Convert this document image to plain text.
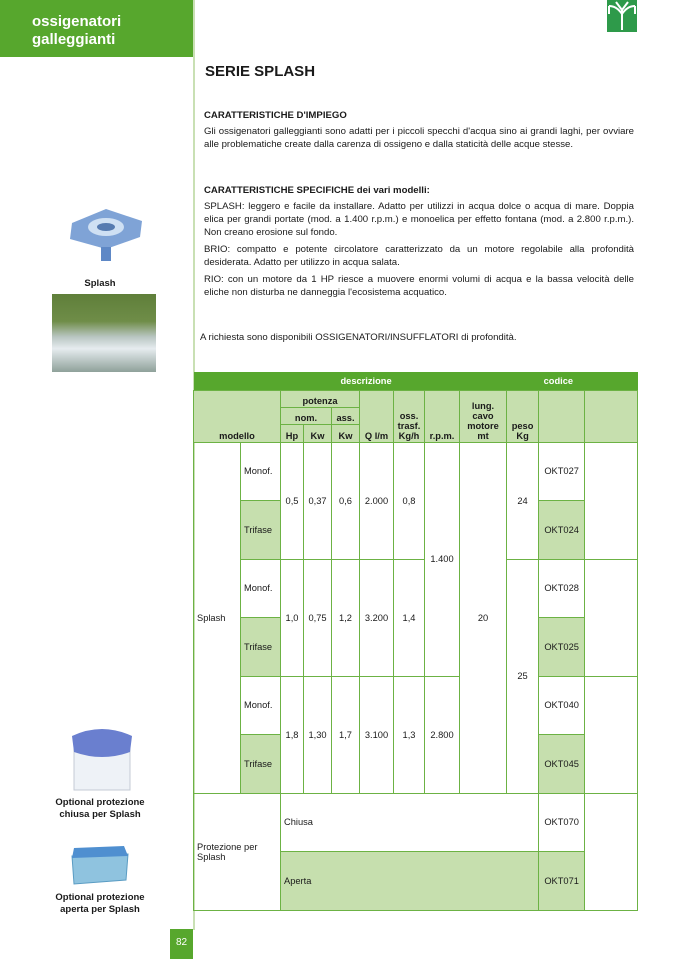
ossigenatori
galleggianti
SERIE SPLASH
CARATTERISTICHE D'IMPIEGO
Gli ossigenatori galleggianti sono adatti per i piccoli specchi d'acqua sino ai grandi laghi, per ovviare alle problematiche create dalla carenza di ossigeno e dalla staticità delle acque stesse.
CARATTERISTICHE SPECIFICHE dei vari modelli:
SPLASH: leggero e facile da installare. Adatto per utilizzi in acqua dolce o acqua di mare. Doppia elica per grandi portate (mod. a 1.400 r.p.m.) e monoelica per effetto fontana (mod. a 2.800 r.p.m.). Non creano erosione sul fondo.
BRIO: compatto e potente circolatore caratterizzato da un motore regolabile alla profondità desiderata. Adatto per utilizzo in acqua salata.
RIO: con un motore da 1 HP riesce a muovere enormi volumi di acqua e la bassa velocità delle eliche non disturba ne danneggia l'ecosistema acquatico.
A richiesta sono disponibili OSSIGENATORI/INSUFFLATORI di profondità.
Splash
Optional protezione chiusa per Splash
Optional protezione aperta per Splash
82
descrizione										codice	
modello		potenza			Q l/m	oss. trasf. Kg/h	r.p.m.	lung. cavo motore mt	peso Kg		
		nom.		ass.							
		Hp	Kw	Kw							
Splash	Monof.	0,5	0,37	0,6	2.000	0,8	1.400	20	24	OKT027	
	Trifase									OKT024	
	Monof.	1,0	0,75	1,2	3.200	1,4			25	OKT028	
	Trifase									OKT025	
	Monof.	1,8	1,30	1,7	3.100	1,3	2.800			OKT040	
	Trifase									OKT045	
Protezione per Splash		Chiusa								OKT070	
		Aperta								OKT071	
